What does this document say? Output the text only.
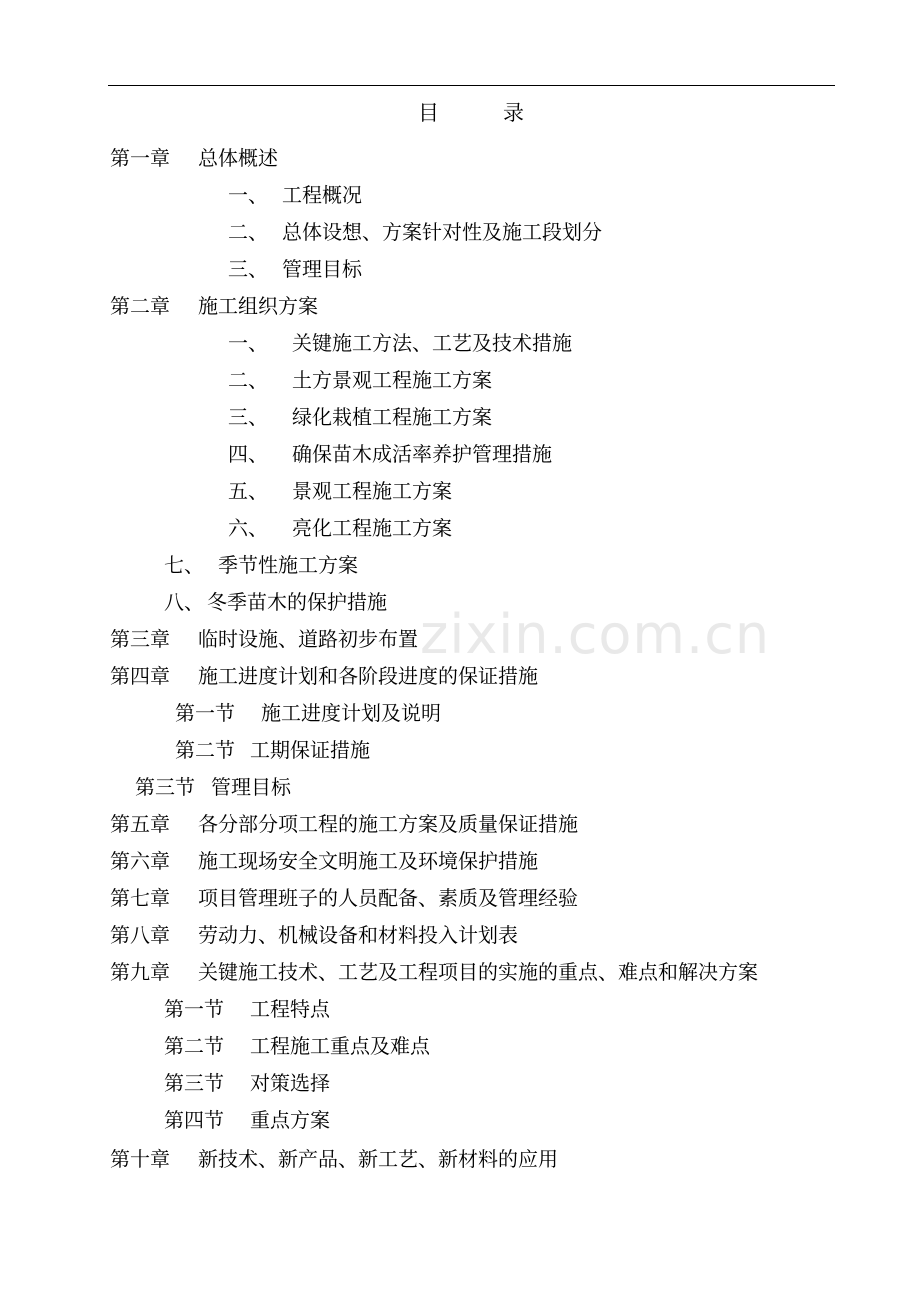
zixin.com.cn
目	录
第一章 总体概述
一、 工程概况
二、 总体设想、方案针对性及施工段划分
三、 管理目标
第二章 施工组织方案
一、 关键施工方法、工艺及技术措施
二、 土方景观工程施工方案
三、 绿化栽植工程施工方案
四、 确保苗木成活率养护管理措施
五、 景观工程施工方案
六、 亮化工程施工方案
七、 季节性施工方案
八、 冬季苗木的保护措施
第三章 临时设施、道路初步布置
第四章 施工进度计划和各阶段进度的保证措施
第一节 施工进度计划及说明
第二节 工期保证措施
第三节 管理目标
第五章 各分部分项工程的施工方案及质量保证措施
第六章 施工现场安全文明施工及环境保护措施
第七章 项目管理班子的人员配备、素质及管理经验
第八章 劳动力、机械设备和材料投入计划表
第九章 关键施工技术、工艺及工程项目的实施的重点、难点和解决方案
第一节 工程特点
第二节 工程施工重点及难点
第三节 对策选择
第四节 重点方案
第十章 新技术、新产品、新工艺、新材料的应用
